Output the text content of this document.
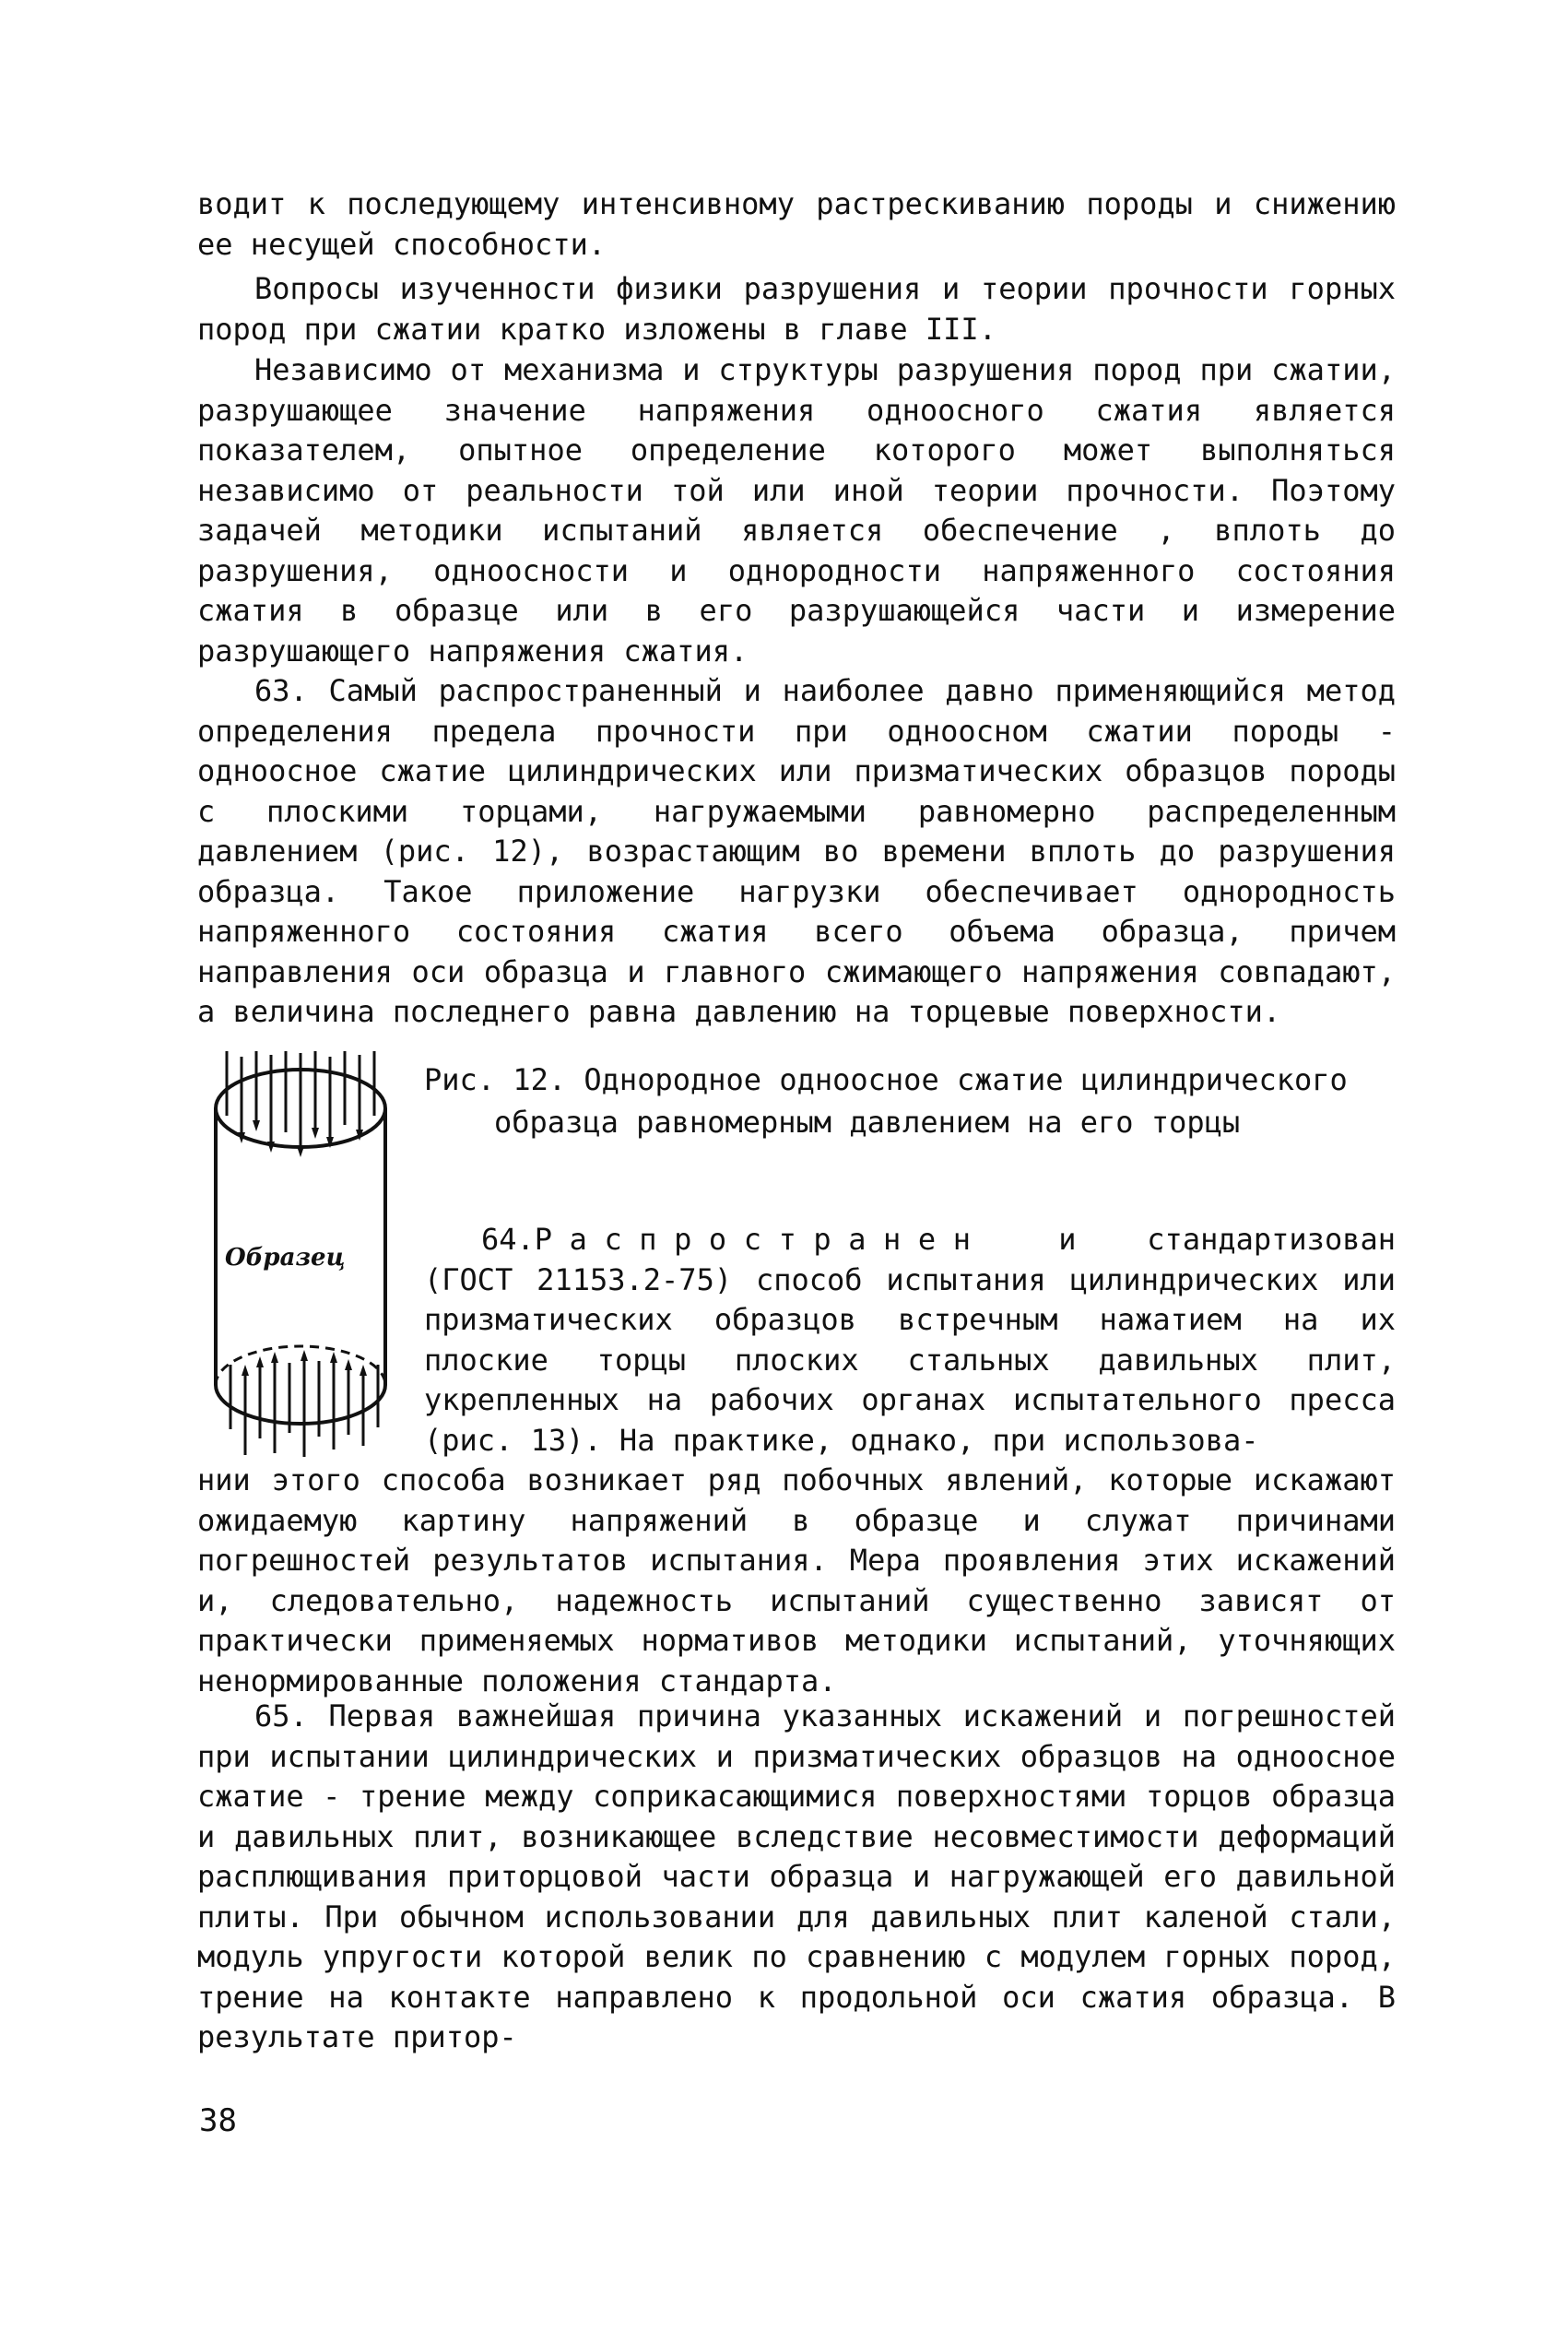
водит к последующему интенсивному растрескиванию породы и снижению ее несущей способности.

Вопросы изученности физики разрушения и теории прочности горных пород при сжатии кратко изложены в главе III.

Независимо от механизма и структуры разрушения пород при сжатии, разрушающее значение напряжения одноосного сжатия является показателем, опытное определение которого может выполняться независимо от реальности той или иной теории прочности. Поэтому задачей методики испытаний является обеспечение , вплоть до разрушения, одноосности и однородности напряженного состояния сжатия в образце или в его разрушающейся части и измерение разрушающего напряжения сжатия.

63. Самый распространенный и наиболее давно применяющийся метод определения предела прочности при одноосном сжатии породы - одноосное сжатие цилиндрических или призматических образцов породы с плоскими торцами, нагружаемыми равномерно распределенным давлением (рис. 12), возрастающим во времени вплоть до разрушения образца. Такое приложение нагрузки обеспечивает однородность напряженного состояния сжатия всего объема образца, причем направления оси образца и главного сжимающего напряжения совпадают, а величина последнего равна давлению на торцевые поверхности.

Образец

Рис. 12. Однородное одноосное сжатие цилиндрического
образца равномерным давлением на его торцы

64.Распространен и стандартизован (ГОСТ 21153.2-75) способ испытания цилиндрических или призматических образцов встречным нажатием на их плоские торцы плоских стальных давильных плит, укрепленных на рабочих органах испытательного пресса (рис. 13). На практике, однако, при использова-

нии этого способа возникает ряд побочных явлений, которые искажают ожидаемую картину напряжений в образце и служат причинами погрешностей результатов испытания. Мера проявления этих искажений и, следовательно, надежность испытаний существенно зависят от практически применяемых нормативов методики испытаний, уточняющих ненормированные положения стандарта.

65. Первая важнейшая причина указанных искажений и погрешностей при испытании цилиндрических и призматических образцов на одноосное сжатие - трение между соприкасающимися поверхностями торцов образца и давильных плит, возникающее вследствие несовместимости деформаций расплющивания приторцовой части образца и нагружающей его давильной плиты. При обычном использовании для давильных плит каленой стали, модуль упругости которой велик по сравнению с модулем горных пород, трение на контакте направлено к продольной оси сжатия образца. В результате притор-

38
